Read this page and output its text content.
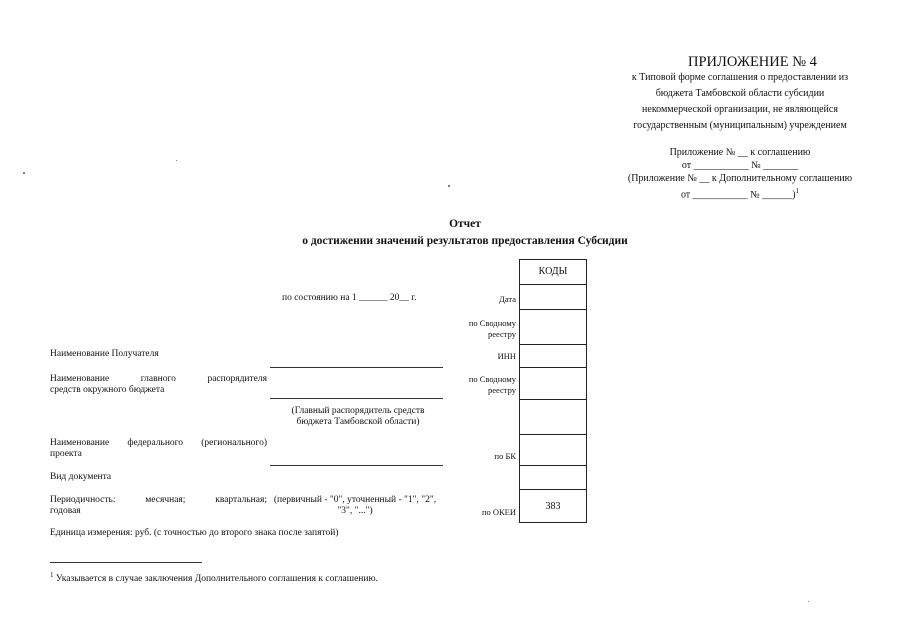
ПРИЛОЖЕНИЕ № 4
к Типовой форме соглашения о предоставлении из
бюджета Тамбовской области субсидии
некоммерческой организации, не являющейся
государственным (муниципальным) учреждением
Приложение № __ к соглашению
от ___________ № _______
(Приложение № __ к Дополнительному соглашению
от ___________ № ______)$^1$
Отчет
о достижении значений результатов предоставления Субсидии
по состоянию на 1 ______ 20__ г.
Наименование Получателя
Наименование главного распорядителя
средств окружного бюджета
(Главный распорядитель средств бюджета Тамбовской области)
Наименование федерального (регионального)
проекта
Вид документа
Периодичность: месячная; квартальная;
годовая
(первичный - "0", уточненный - "1", "2", "3", "...")
Единица измерения: руб. (с точностью до второго знака после запятой)
Дата
по Сводному реестру
ИНН
по Сводному реестру
по БК
по ОКЕИ
КОДЫ
383
$^1$ Указывается в случае заключения Дополнительного соглашения к соглашению.
